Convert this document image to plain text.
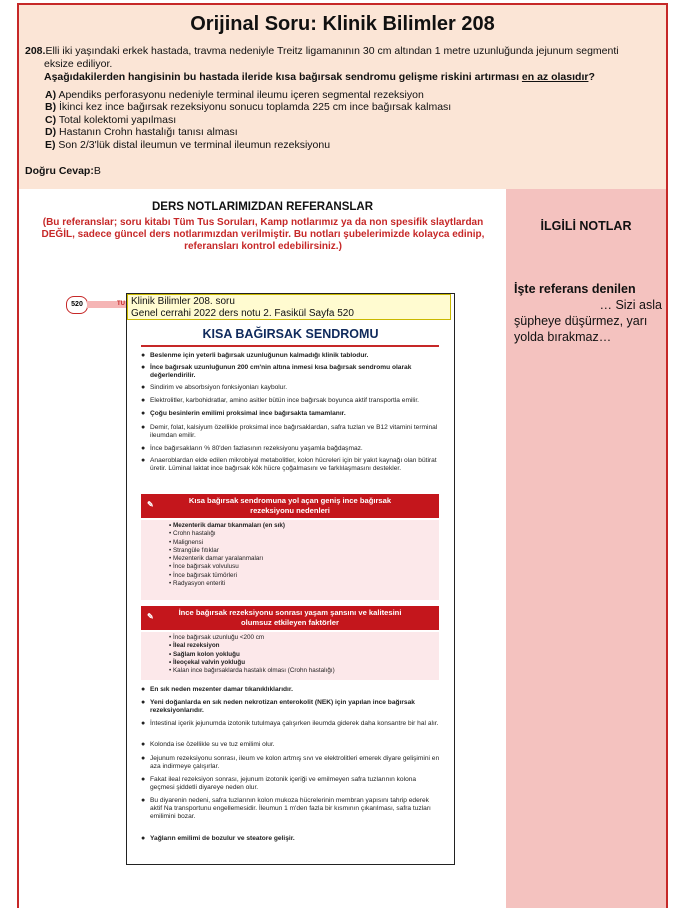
Orijinal Soru: Klinik Bilimler 208
208.Elli iki yaşındaki erkek hastada, travma nedeniyle Treitz ligamanının 30 cm altından 1 metre uzunluğunda jejunum segmenti
eksize ediliyor.
Aşağıdakilerden hangisinin bu hastada ileride kısa bağırsak sendromu gelişme riskini artırması en az olasıdır?
A) Apendiks perforasyonu nedeniyle terminal ileumu içeren segmental rezeksiyon
B) İkinci kez ince bağırsak rezeksiyonu sonucu toplamda 225 cm ince bağırsak kalması
C) Total kolektomi yapılması
D) Hastanın Crohn hastalığı tanısı alması
E) Son 2/3'lük distal ileumun ve terminal ileumun rezeksiyonu
Doğru Cevap:B
DERS NOTLARIMIZDAN REFERANSLAR
(Bu referanslar; soru kitabı Tüm Tus Soruları, Kamp notlarımız ya da non spesifik slaytlardan DEĞİL, sadece güncel ders notlarımızdan verilmiştir. Bu notları şubelerimizde kolayca edinip, referansları kontrol edebilirsiniz.)
520	TU Klinik Bilimler 208. soru
Genel cerrahi 2022 ders notu 2. Fasikül Sayfa 520
KISA BAĞIRSAK SENDROMU
● Beslenme için yeterli bağırsak uzunluğunun kalmadığı klinik tablodur.
● İnce bağırsak uzunluğunun 200 cm'nin altına inmesi kısa bağırsak sendromu olarak değerlendirilir.
● Sindirim ve absorbsiyon fonksiyonları kaybolur.
● Elektrolitler, karbohidratlar, amino asitler bütün ince bağırsak boyunca aktif transportla emilir.
● Çoğu besinlerin emilimi proksimal ince bağırsakta tamamlanır.
● Demir, folat, kalsiyum özellikle proksimal ince bağırsaklardan, safra tuzları ve B12 vitamini terminal ileumdan emilir.
● İnce bağırsakların % 80'den fazlasının rezeksiyonu yaşamla bağdaşmaz.
● Anaeroblardan elde edilen mikrobiyal metabolitler, kolon hücreleri için bir yakıt kaynağı olan bütirat üretir. Lüminal laktat ince bağırsak kök hücre çoğalmasını ve farklılaşmasını destekler.
✎	Kısa bağırsak sendromuna yol açan geniş ince bağırsak rezeksiyonu nedenleri
• Mezenterik damar tıkanmaları (en sık)
• Crohn hastalığı
• Malignensi
• Strangüle fıtıklar
• Mezenterik damar yaralanmaları
• İnce bağırsak volvulusu
• İnce bağırsak tümörleri
• Radyasyon enteriti
✎	İnce bağırsak rezeksiyonu sonrası yaşam şansını ve kalitesini olumsuz etkileyen faktörler
• İnce bağırsak uzunluğu <200 cm
• İleal rezeksiyon
• Sağlam kolon yokluğu
• İleoçekal valvin yokluğu
• Kalan ince bağırsaklarda hastalık olması (Crohn hastalığı)
● En sık neden mezenter damar tıkanıklıklarıdır.
● Yeni doğanlarda en sık neden nekrotizan enterokolit (NEK) için yapılan ince bağırsak rezeksiyonlarıdır.
● İntestinal içerik jejunumda izotonik tutulmaya çalışırken ileumda giderek daha konsantre bir hal alır.
● Kolonda ise özellikle su ve tuz emilimi olur.
● Jejunum rezeksiyonu sonrası, ileum ve kolon artmış sıvı ve elektrolitleri emerek diyare gelişimini en aza indirmeye çalışırlar.
● Fakat ileal rezeksiyon sonrası, jejunum izotonik içeriği ve emilmeyen safra tuzlarının kolona geçmesi şiddetli diyareye neden olur.
● Bu diyarenin nedeni, safra tuzlarının kolon mukoza hücrelerinin membran yapısını tahrip ederek aktif Na transportunu engellemesidir. İleumun 1 m'den fazla bir kısmının çıkarılması, safra tuzları emilimini bozar.
● Yağların emilimi de bozulur ve steatore gelişir.
İLGİLİ NOTLAR
İşte referans denilen
… Sizi asla
şüpheye düşürmez, yarı yolda bırakmaz…
